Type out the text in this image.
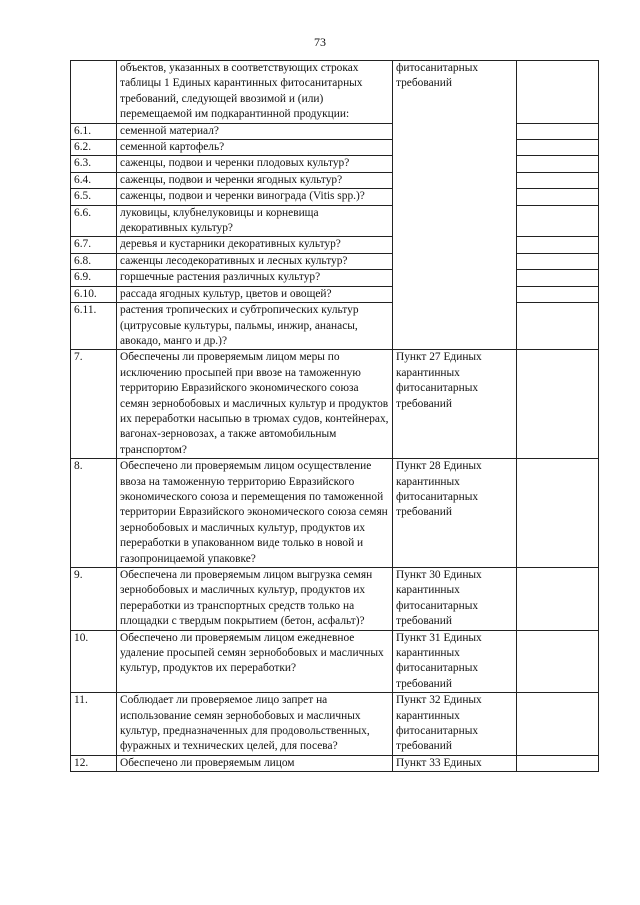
73
	объектов, указанных в соответствующих строках таблицы 1 Единых карантинных фитосанитарных требований, следующей ввозимой и (или) перемещаемой им подкарантинной продукции:	фитосанитарных требований	
6.1.	семенной материал?		
6.2.	семенной картофель?		
6.3.	саженцы, подвои и черенки плодовых культур?		
6.4.	саженцы, подвои и черенки ягодных культур?		
6.5.	саженцы, подвои и черенки винограда (Vitis spp.)?		
6.6.	луковицы, клубнелуковицы и корневища декоративных культур?		
6.7.	деревья и кустарники декоративных культур?		
6.8.	саженцы лесодекоративных и лесных культур?		
6.9.	горшечные растения различных культур?		
6.10.	рассада ягодных культур, цветов и овощей?		
6.11.	растения тропических и субтропических культур (цитрусовые культуры, пальмы, инжир, ананасы, авокадо, манго и др.)?		
7.	Обеспечены ли проверяемым лицом меры по исключению просыпей при ввозе на таможенную территорию Евразийского экономического союза семян зернобобовых и масличных культур и продуктов их переработки насыпью в трюмах судов, контейнерах, вагонах-зерновозах, а также автомобильным транспортом?	Пункт 27 Единых карантинных фитосанитарных требований	
8.	Обеспечено ли проверяемым лицом осуществление ввоза на таможенную территорию Евразийского экономического союза и перемещения по таможенной территории Евразийского экономического союза семян зернобобовых и масличных культур, продуктов их переработки в упакованном виде только в новой и газопроницаемой упаковке?	Пункт 28 Единых карантинных фитосанитарных требований	
9.	Обеспечена ли проверяемым лицом выгрузка семян зернобобовых и масличных культур, продуктов их переработки из транспортных средств только на площадки с твердым покрытием (бетон, асфальт)?	Пункт 30 Единых карантинных фитосанитарных требований	
10.	Обеспечено ли проверяемым лицом ежедневное удаление просыпей семян зернобобовых и масличных культур, продуктов их переработки?	Пункт 31 Единых карантинных фитосанитарных требований	
11.	Соблюдает ли проверяемое лицо запрет на использование семян зернобобовых и масличных культур, предназначенных для продовольственных, фуражных и технических целей, для посева?	Пункт 32 Единых карантинных фитосанитарных требований	
12.	Обеспечено ли проверяемым лицом	Пункт 33 Единых	
